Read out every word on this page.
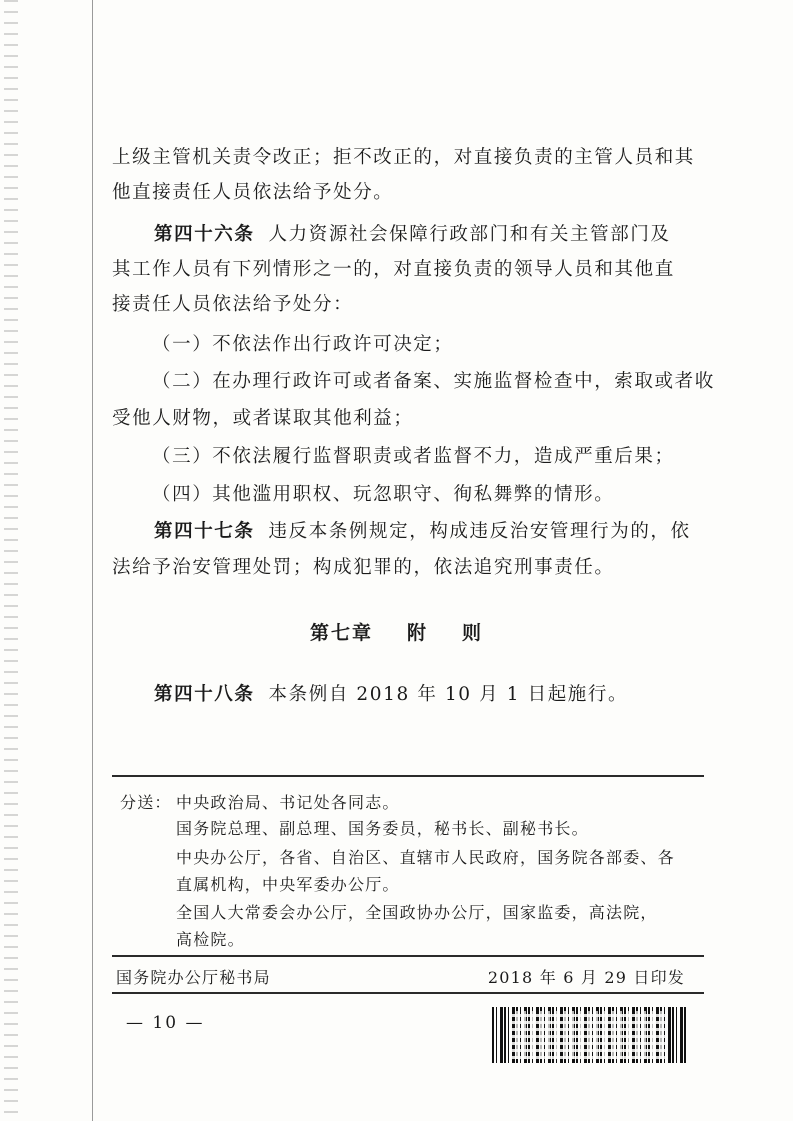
上级主管机关责令改正；拒不改正的，对直接负责的主管人员和其

他直接责任人员依法给予处分。

第四十六条 人力资源社会保障行政部门和有关主管部门及

其工作人员有下列情形之一的，对直接负责的领导人员和其他直

接责任人员依法给予处分：

（一）不依法作出行政许可决定；

（二）在办理行政许可或者备案、实施监督检查中，索取或者收

受他人财物，或者谋取其他利益；

（三）不依法履行监督职责或者监督不力，造成严重后果；

（四）其他滥用职权、玩忽职守、徇私舞弊的情形。

第四十七条 违反本条例规定，构成违反治安管理行为的，依

法给予治安管理处罚；构成犯罪的，依法追究刑事责任。

第七章 附 则

第四十八条 本条例自 2018 年 10 月 1 日起施行。

分送： 中央政治局、书记处各同志。
国务院总理、副总理、国务委员，秘书长、副秘书长。
中央办公厅，各省、自治区、直辖市人民政府，国务院各部委、各
直属机构，中央军委办公厅。
全国人大常委会办公厅，全国政协办公厅，国家监委，高法院，
高检院。
国务院办公厅秘书局	2018 年 6 月 29 日印发
— 10 —
